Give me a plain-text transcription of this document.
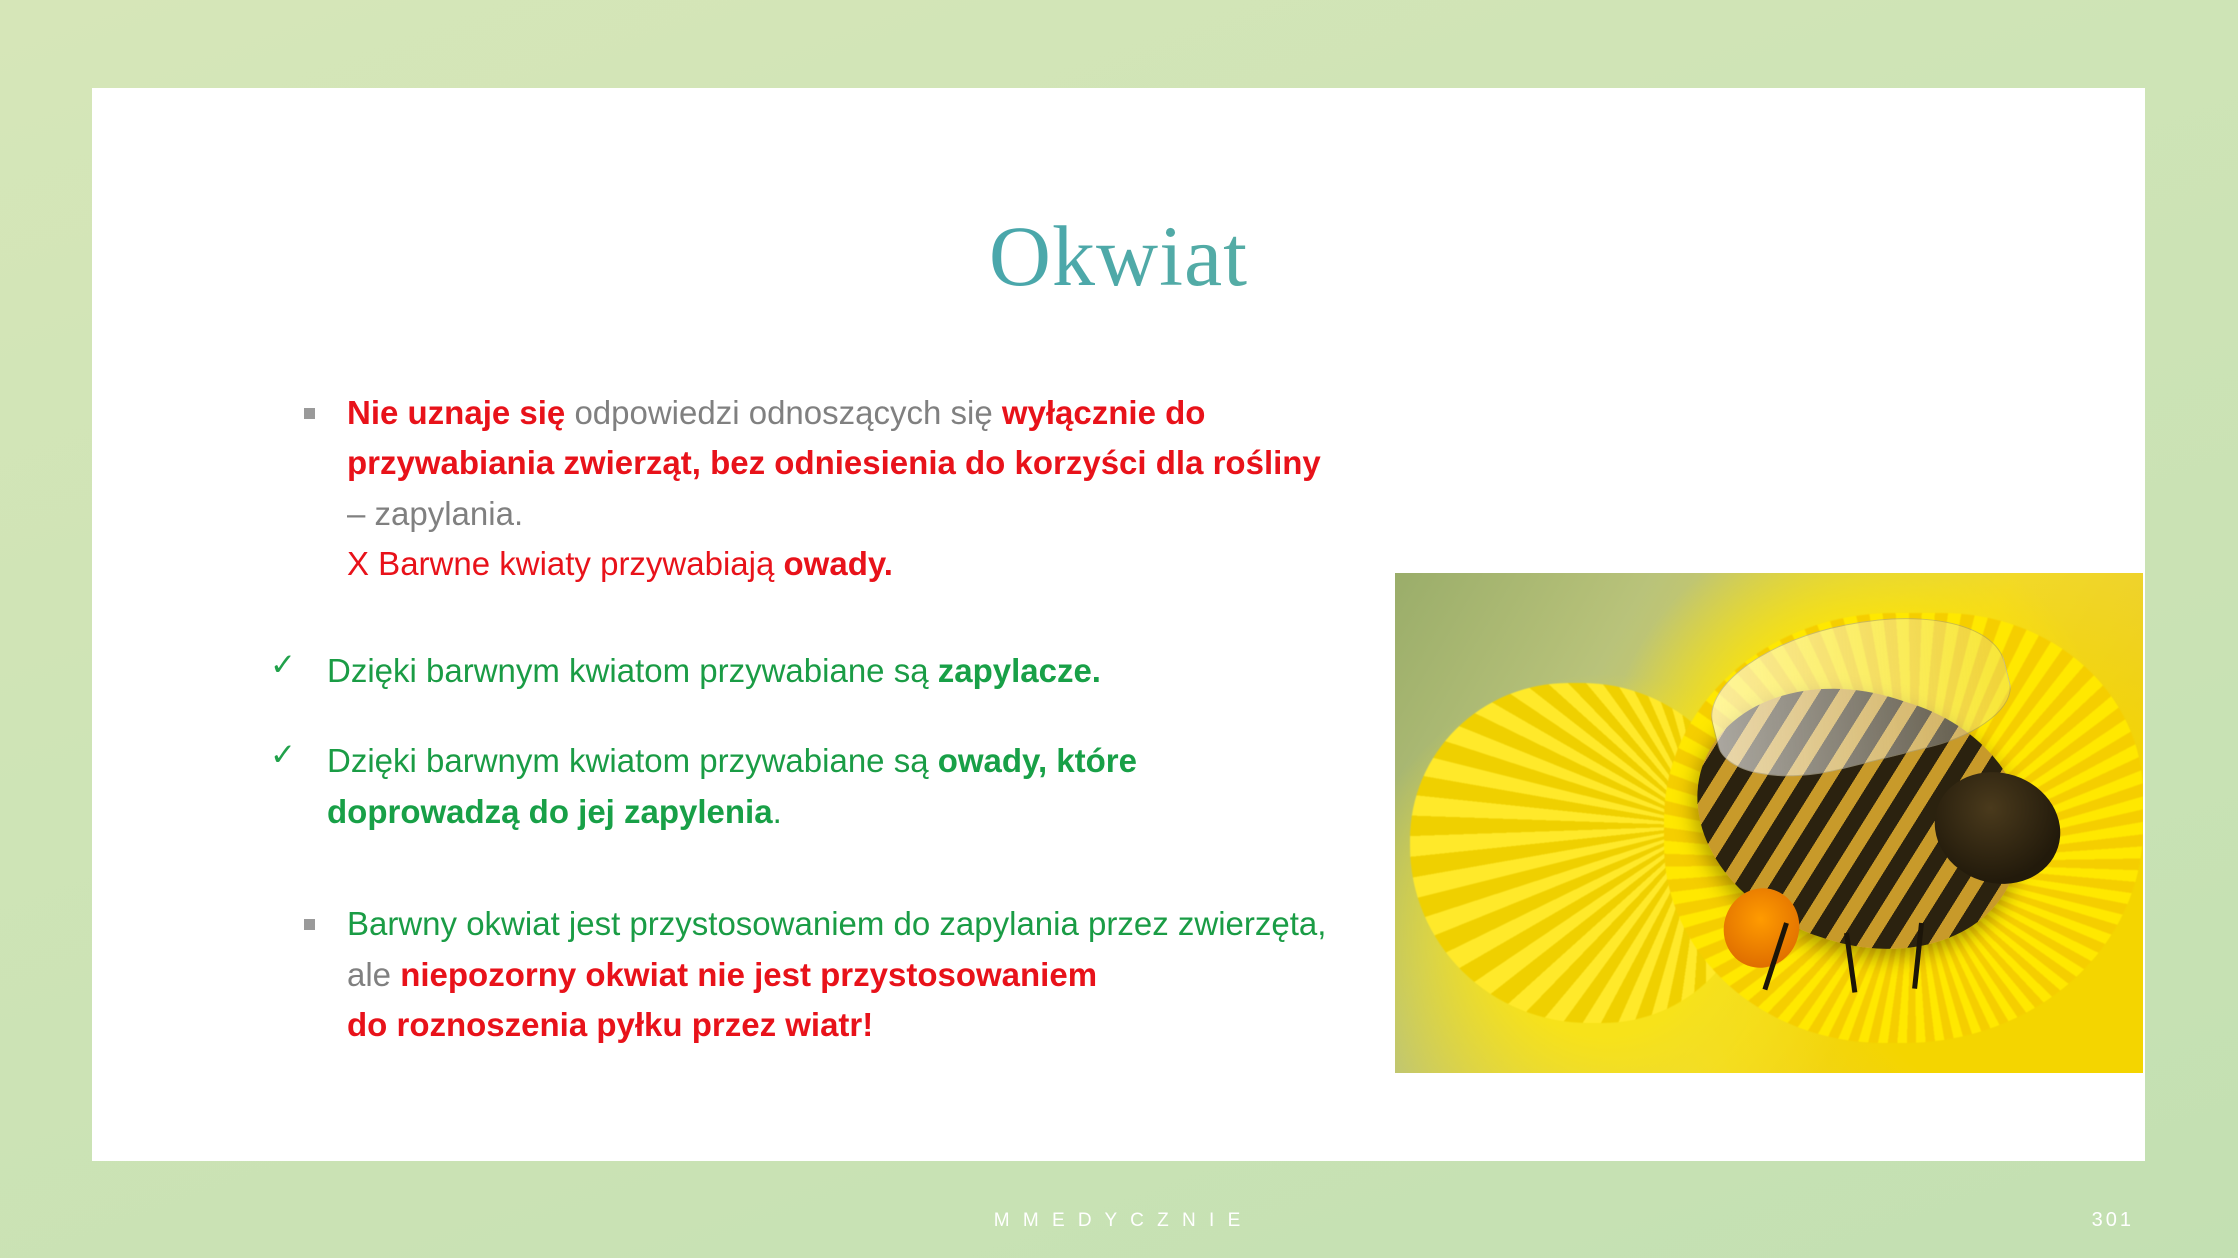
Okwiat

Nie uznaje się odpowiedzi odnoszących się wyłącznie do przywabiania zwierząt, bez odniesienia do korzyści dla rośliny – zapylania.
X Barwne kwiaty przywabiają owady.

✓ Dzięki barwnym kwiatom przywabiane są zapylacze.

✓ Dzięki barwnym kwiatom przywabiane są owady, które doprowadzą do jej zapylenia.

Barwny okwiat jest przystosowaniem do zapylania przez zwierzęta, ale niepozorny okwiat nie jest przystosowaniem
do roznoszenia pyłku przez wiatr!

M M E D Y C Z N I E	301
